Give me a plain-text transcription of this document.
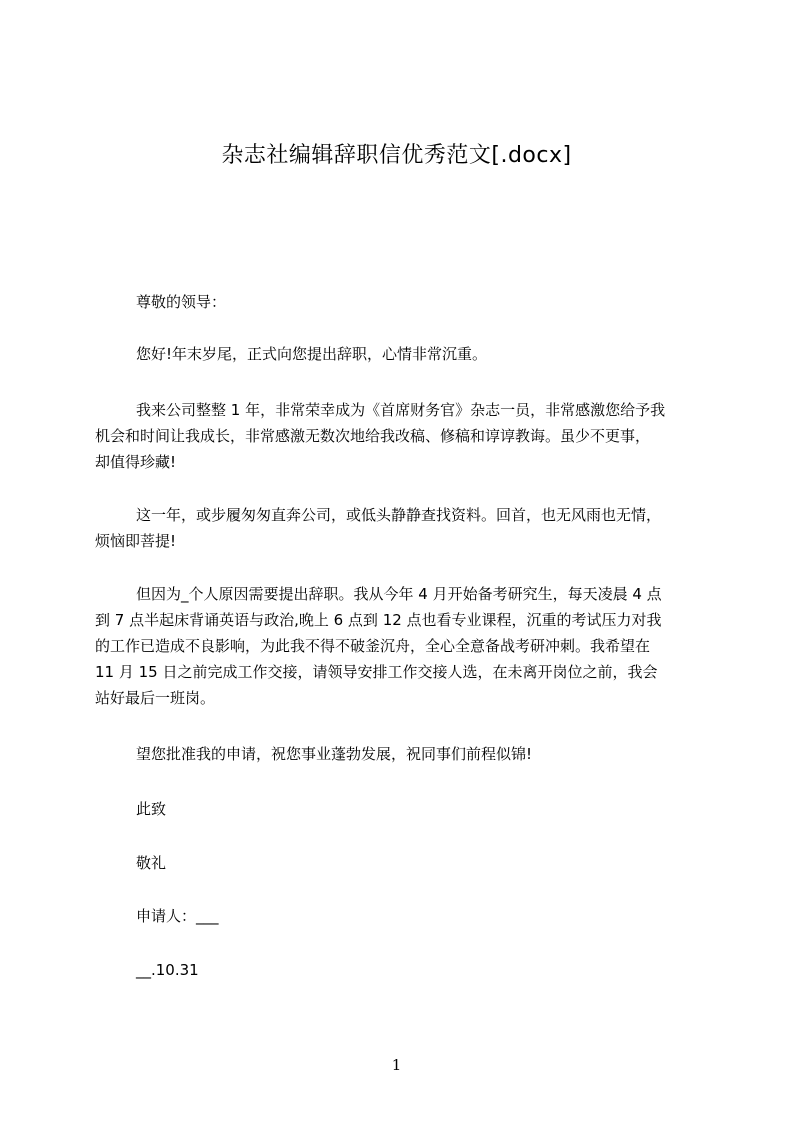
杂志社编辑辞职信优秀范文[.docx]
尊敬的领导：
您好!年末岁尾，正式向您提出辞职，心情非常沉重。
我来公司整整 1 年，非常荣幸成为《首席财务官》杂志一员，非常感激您给予我
机会和时间让我成长，非常感激无数次地给我改稿、修稿和谆谆教诲。虽少不更事，
却值得珍藏!
这一年，或步履匆匆直奔公司，或低头静静查找资料。回首，也无风雨也无情，
烦恼即菩提!
但因为_个人原因需要提出辞职。我从今年 4 月开始备考研究生，每天凌晨 4 点
到 7 点半起床背诵英语与政治,晚上 6 点到 12 点也看专业课程，沉重的考试压力对我
的工作已造成不良影响，为此我不得不破釜沉舟，全心全意备战考研冲刺。我希望在
11 月 15 日之前完成工作交接，请领导安排工作交接人选，在未离开岗位之前，我会
站好最后一班岗。
望您批准我的申请，祝您事业蓬勃发展，祝同事们前程似锦!
此致
敬礼
申请人：___
__.10.31
1
